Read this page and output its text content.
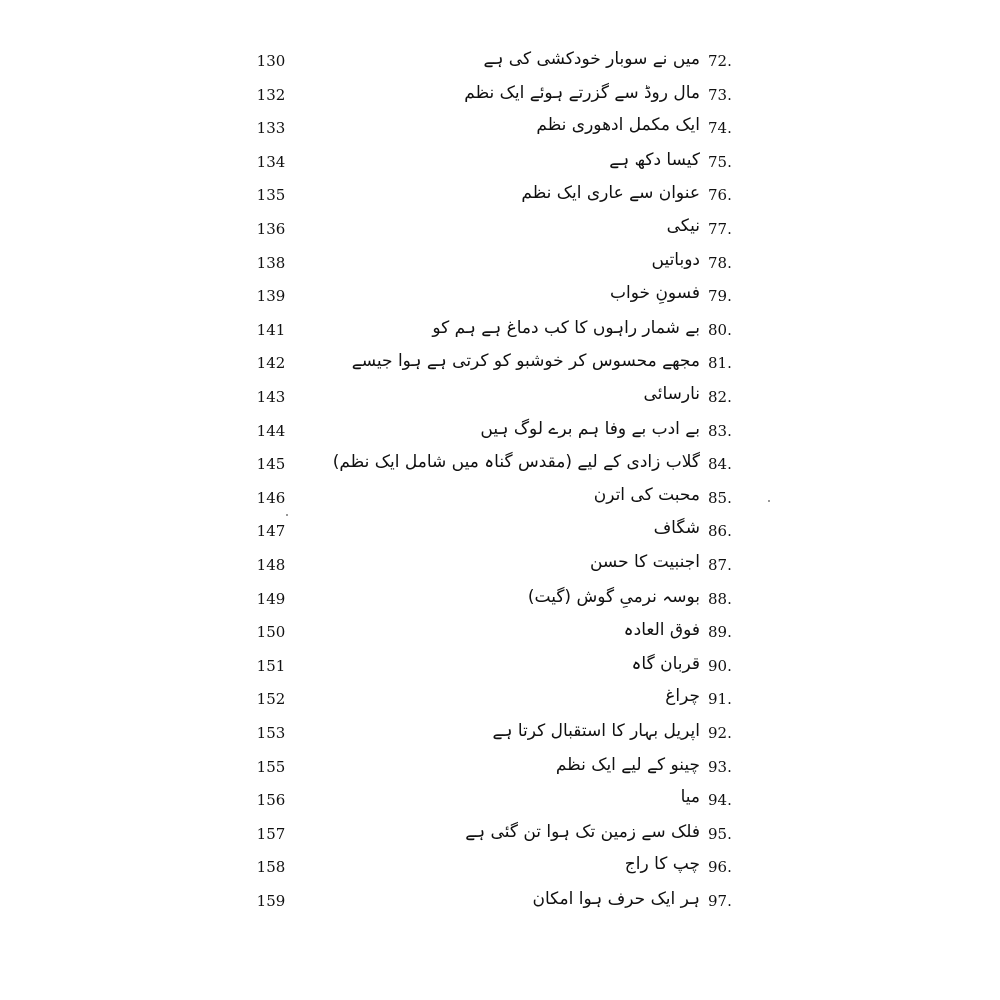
130	میں نے سوبار خودکشی کی ہے 72.
132	مال روڈ سے گزرتے ہوئے ایک نظم 73.
133	ایک مکمل ادھوری نظم 74.
134	کیسا دکھ ہے 75.
135	عنوان سے عاری ایک نظم 76.
136	نیکی 77.
138	دوباتیں 78.
139	فسونِ خواب 79.
141	بے شمار راہوں کا کب دماغ ہے ہم کو 80.
142	مجھے محسوس کر خوشبو کو کرتی ہے ہوا جیسے 81.
143	نارسائی 82.
144	بے ادب بے وفا ہم برے لوگ ہیں 83.
145	گلاب زادی کے لیے (مقدس گناہ میں شامل ایک نظم) 84.
146	محبت کی اترن 85.
147	شگاف 86.
148	اجنبیت کا حسن 87.
149	بوسہ نرمیِ گوش (گیت) 88.
150	فوق العادہ 89.
151	قربان گاہ 90.
152	چراغ 91.
153	اپریل بہار کا استقبال کرتا ہے 92.
155	چینو کے لیے ایک نظم 93.
156	میا 94.
157	فلک سے زمین تک ہوا تن گئی ہے 95.
158	چپ کا راج 96.
159	ہر ایک حرف ہوا امکان 97.
